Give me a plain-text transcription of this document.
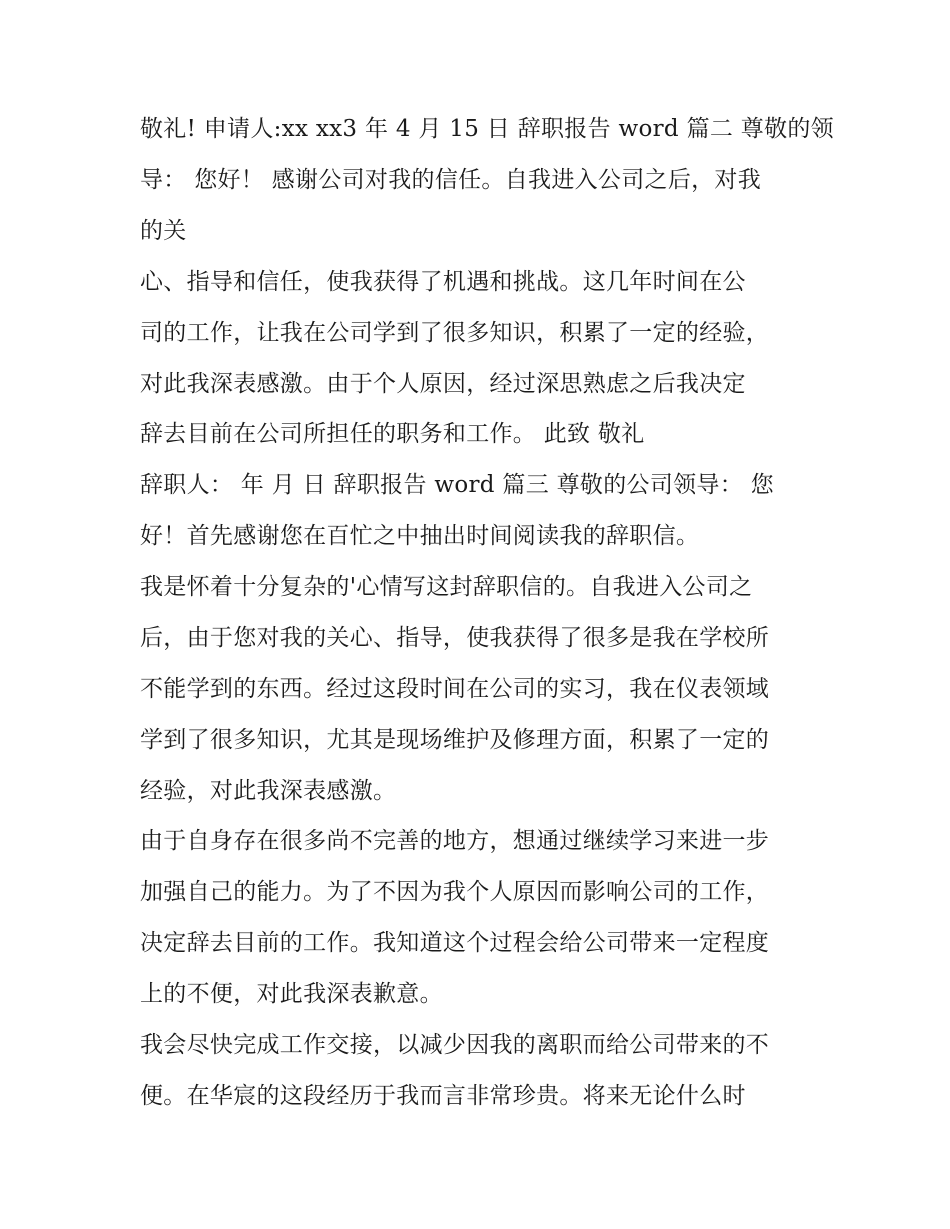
敬礼! 申请人:xx xx3 年 4 月 15 日 辞职报告 word 篇二 尊敬的领

导： 您好！ 感谢公司对我的信任。自我进入公司之后，对我

的关

心、指导和信任，使我获得了机遇和挑战。这几年时间在公

司的工作，让我在公司学到了很多知识，积累了一定的经验，

对此我深表感激。由于个人原因，经过深思熟虑之后我决定

辞去目前在公司所担任的职务和工作。 此致 敬礼

辞职人： 年 月 日 辞职报告 word 篇三 尊敬的公司领导： 您

好！首先感谢您在百忙之中抽出时间阅读我的辞职信。

我是怀着十分复杂的'心情写这封辞职信的。自我进入公司之

后，由于您对我的关心、指导，使我获得了很多是我在学校所

不能学到的东西。经过这段时间在公司的实习，我在仪表领域

学到了很多知识，尤其是现场维护及修理方面，积累了一定的

经验，对此我深表感激。

由于自身存在很多尚不完善的地方，想通过继续学习来进一步

加强自己的能力。为了不因为我个人原因而影响公司的工作，

决定辞去目前的工作。我知道这个过程会给公司带来一定程度

上的不便，对此我深表歉意。

我会尽快完成工作交接，以减少因我的离职而给公司带来的不

便。在华宸的这段经历于我而言非常珍贵。将来无论什么时
